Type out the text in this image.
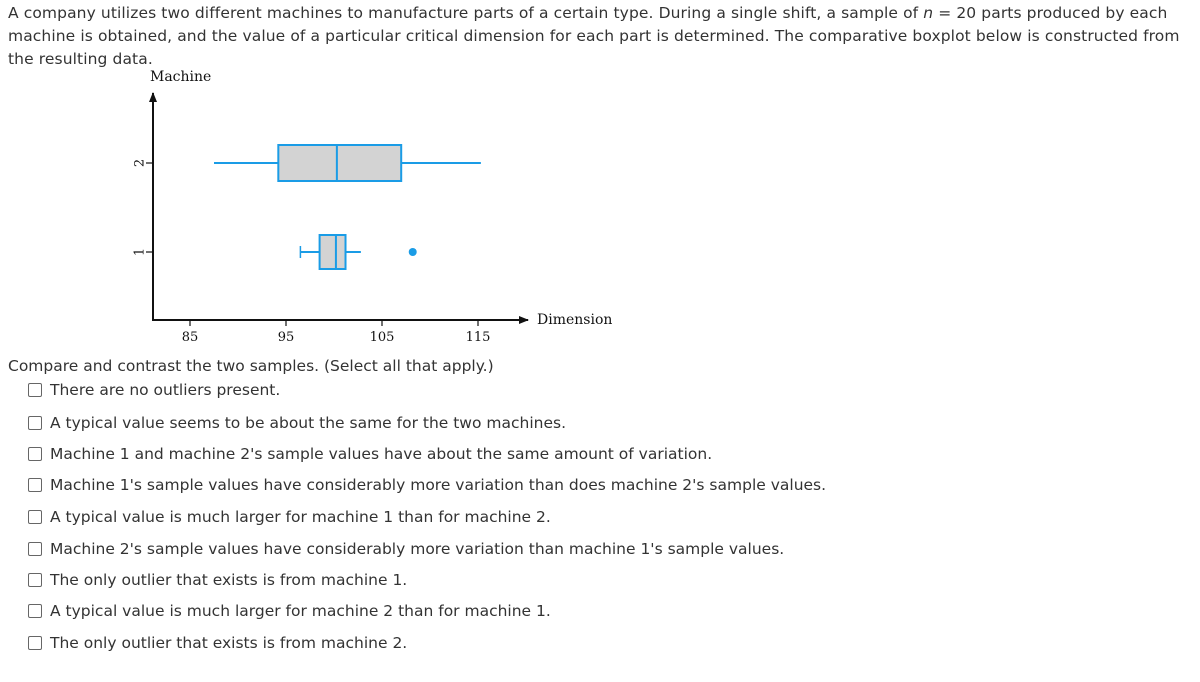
A company utilizes two different machines to manufacture parts of a certain type. During a single shift, a sample of n = 20 parts produced by each machine is obtained, and the value of a particular critical dimension for each part is determined. The comparative boxplot below is constructed from the resulting data.
Machine
Dimension
85	95	105	115
1
2
Compare and contrast the two samples. (Select all that apply.)
There are no outliers present.
A typical value seems to be about the same for the two machines.
Machine 1 and machine 2's sample values have about the same amount of variation.
Machine 1's sample values have considerably more variation than does machine 2's sample values.
A typical value is much larger for machine 1 than for machine 2.
Machine 2's sample values have considerably more variation than machine 1's sample values.
The only outlier that exists is from machine 1.
A typical value is much larger for machine 2 than for machine 1.
The only outlier that exists is from machine 2.
